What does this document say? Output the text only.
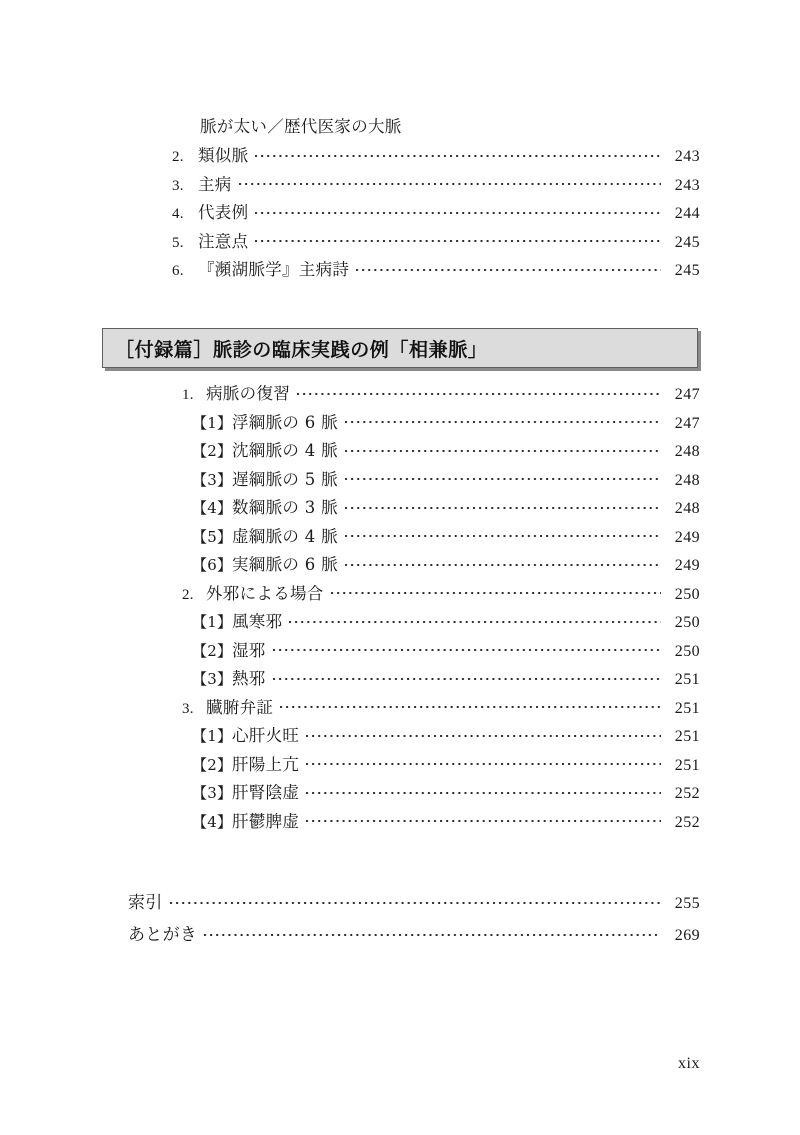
脈が太い／歴代医家の大脈
2. 類似脈	243
3. 主病	243
4. 代表例	244
5. 注意点	245
6. 『瀕湖脈学』主病詩	245
［付録篇］脈診の臨床実践の例「相兼脈」
1. 病脈の復習	247
【1】 浮綱脈の 6 脈	247
【2】 沈綱脈の 4 脈	248
【3】 遅綱脈の 5 脈	248
【4】 数綱脈の 3 脈	248
【5】 虚綱脈の 4 脈	249
【6】 実綱脈の 6 脈	249
2. 外邪による場合	250
【1】 風寒邪	250
【2】 湿邪	250
【3】 熱邪	251
3. 臓腑弁証	251
【1】 心肝火旺	251
【2】 肝陽上亢	251
【3】 肝腎陰虚	252
【4】 肝鬱脾虚	252
索引	255
あとがき	269
xix
